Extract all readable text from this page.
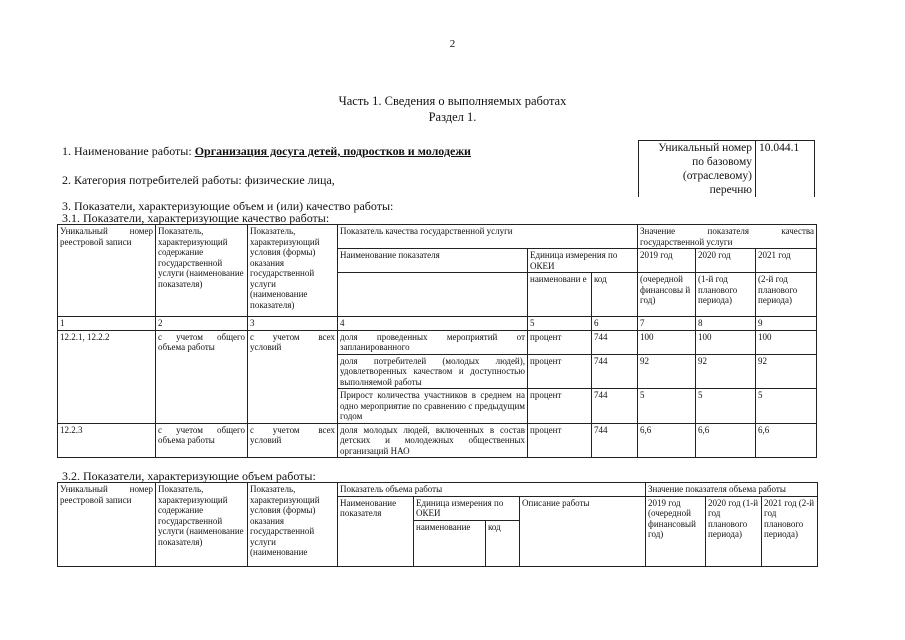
2
Часть 1. Сведения о выполняемых работах
Раздел 1.
1. Наименование работы: Организация досуга детей, подростков и молодежи	Уникальный номер	10.044.1
по базовому
(отраслевому)
перечню
2. Категория потребителей работы: физические лица,
3. Показатели, характеризующие объем и (или) качество работы:
3.1. Показатели, характеризующие качество работы:
Уникальный номер реестровой записи	Показатель, характеризующий содержание государственной услуги (наименование показателя)	Показатель, характеризующий условия (формы) оказания государственной услуги (наименование показателя)	Показатель качества государственной услуги			Значение показателя качества государственной услуги		
			Наименование показателя	Единица измерения по ОКЕИ		2019 год	2020 год	2021 год
				наименовани е	код	(очередной финансовы й год)	(1-й год планового периода)	(2-й год планового периода)
1	2	3	4	5	6	7	8	9
12.2.1, 12.2.2	с учетом общего объема работы	с учетом всех условий	доля проведенных мероприятий от запланированного	процент	744	100	100	100
			доля потребителей (молодых людей), удовлетворенных качеством и доступностью выполняемой работы	процент	744	92	92	92
			Прирост количества участников в среднем на одно мероприятие по сравнению с предыдущим годом	процент	744	5	5	5
12.2.3	с учетом общего объема работы	с учетом всех условий	доля молодых людей, включенных в состав детских и молодежных общественных организаций НАО	процент	744	6,6	6,6	6,6
3.2. Показатели, характеризующие объем работы:
Уникальный номер реестровой записи	Показатель, характеризующий содержание государственной услуги (наименование показателя)	Показатель, характеризующий условия (формы) оказания государственной услуги (наименование	Показатель объема работы				Значение показателя объема работы		
			Наименование показателя	Единица измерения по ОКЕИ		Описание работы	2019 год (очередной финансовый год)	2020 год (1-й год планового периода)	2021 год (2-й год планового периода)
				наименование	код				
